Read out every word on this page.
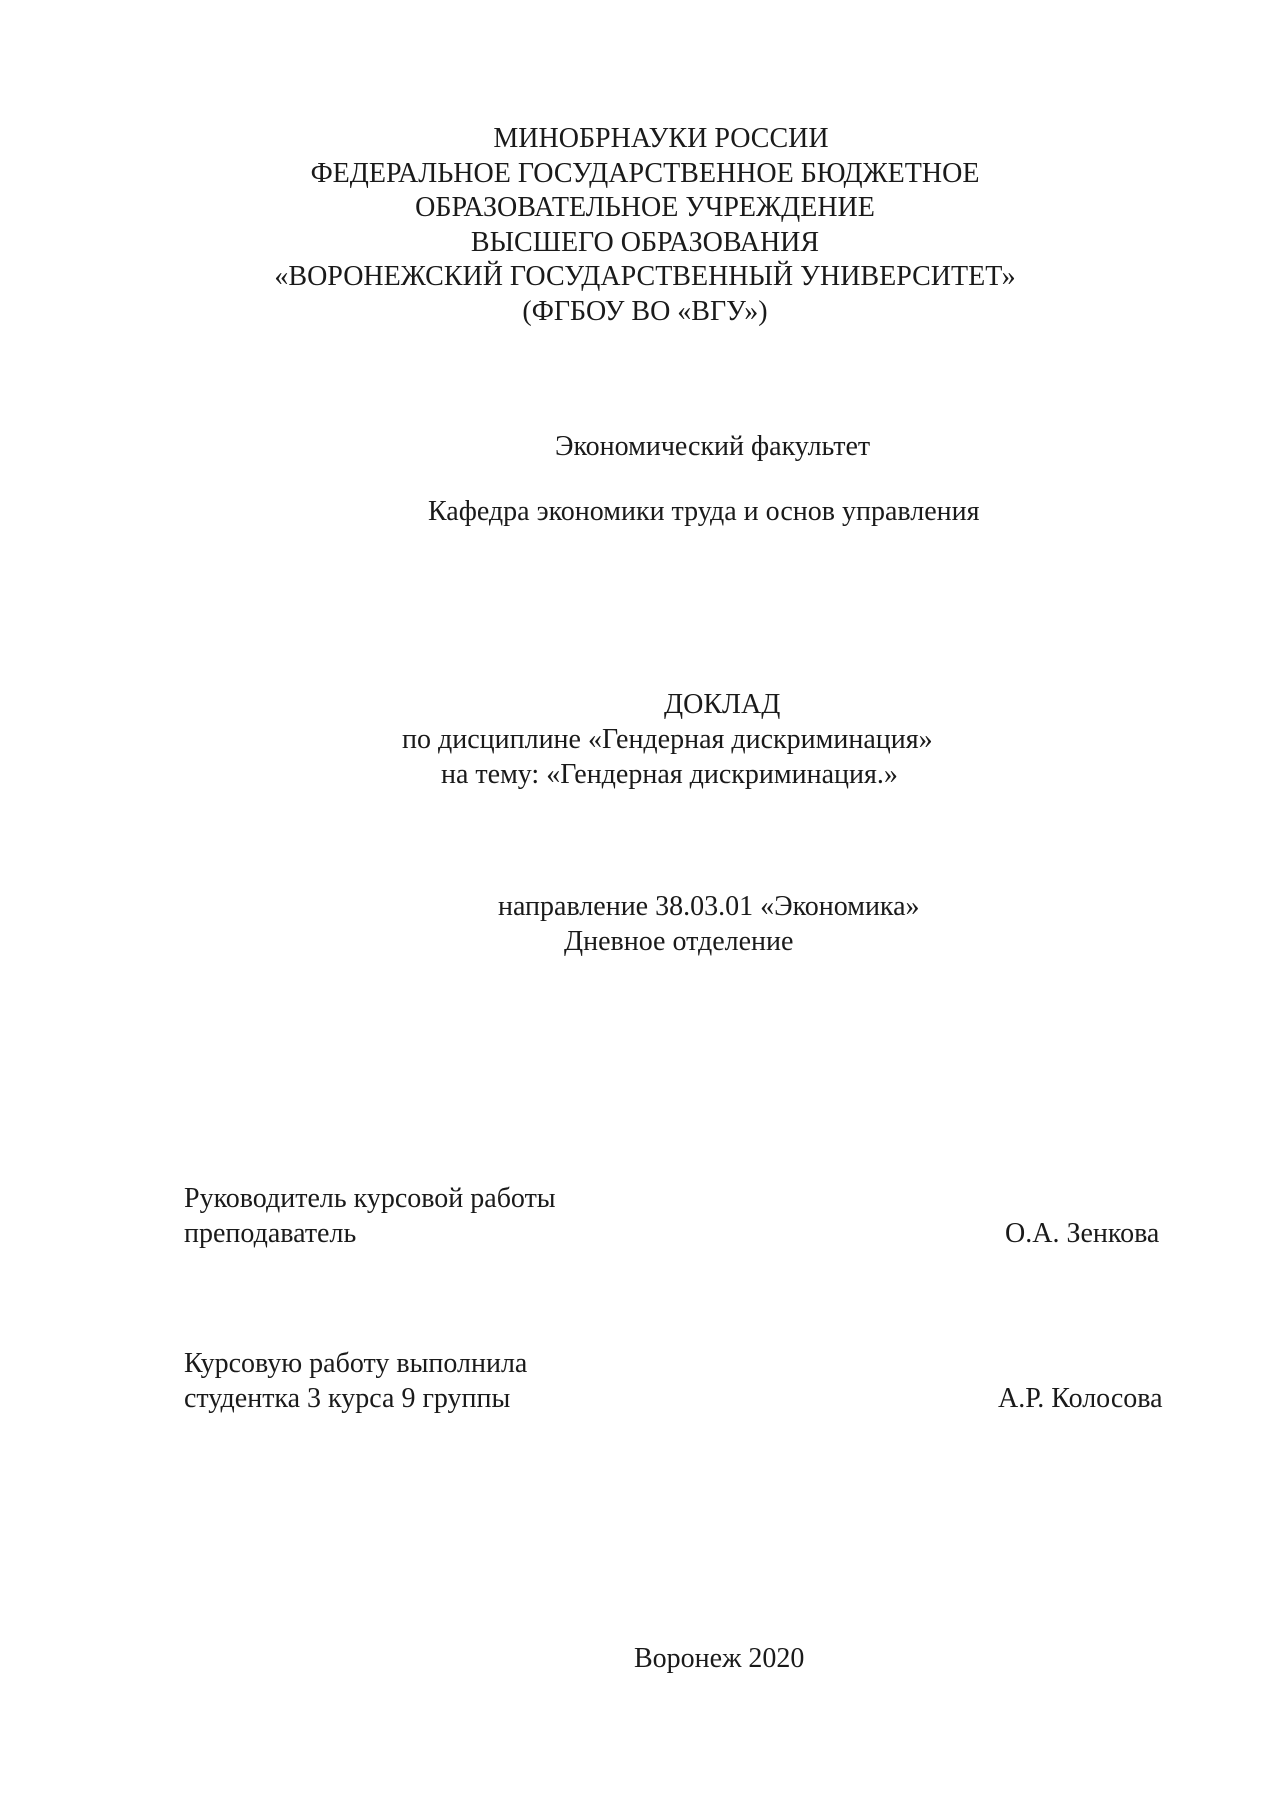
МИНОБРНАУКИ РОССИИ
ФЕДЕРАЛЬНОЕ ГОСУДАРСТВЕННОЕ БЮДЖЕТНОЕ
ОБРАЗОВАТЕЛЬНОЕ УЧРЕЖДЕНИЕ
ВЫСШЕГО ОБРАЗОВАНИЯ
«ВОРОНЕЖСКИЙ ГОСУДАРСТВЕННЫЙ УНИВЕРСИТЕТ»
(ФГБОУ ВО «ВГУ»)
Экономический факультет
Кафедра экономики труда и основ управления
ДОКЛАД
по дисциплине «Гендерная дискриминация»
на тему: «Гендерная дискриминация.»
направление 38.03.01 «Экономика»
Дневное отделение
Руководитель курсовой работы
преподаватель	О.А. Зенкова
Курсовую работу выполнила
студентка 3 курса 9 группы	А.Р. Колосова
Воронеж 2020
